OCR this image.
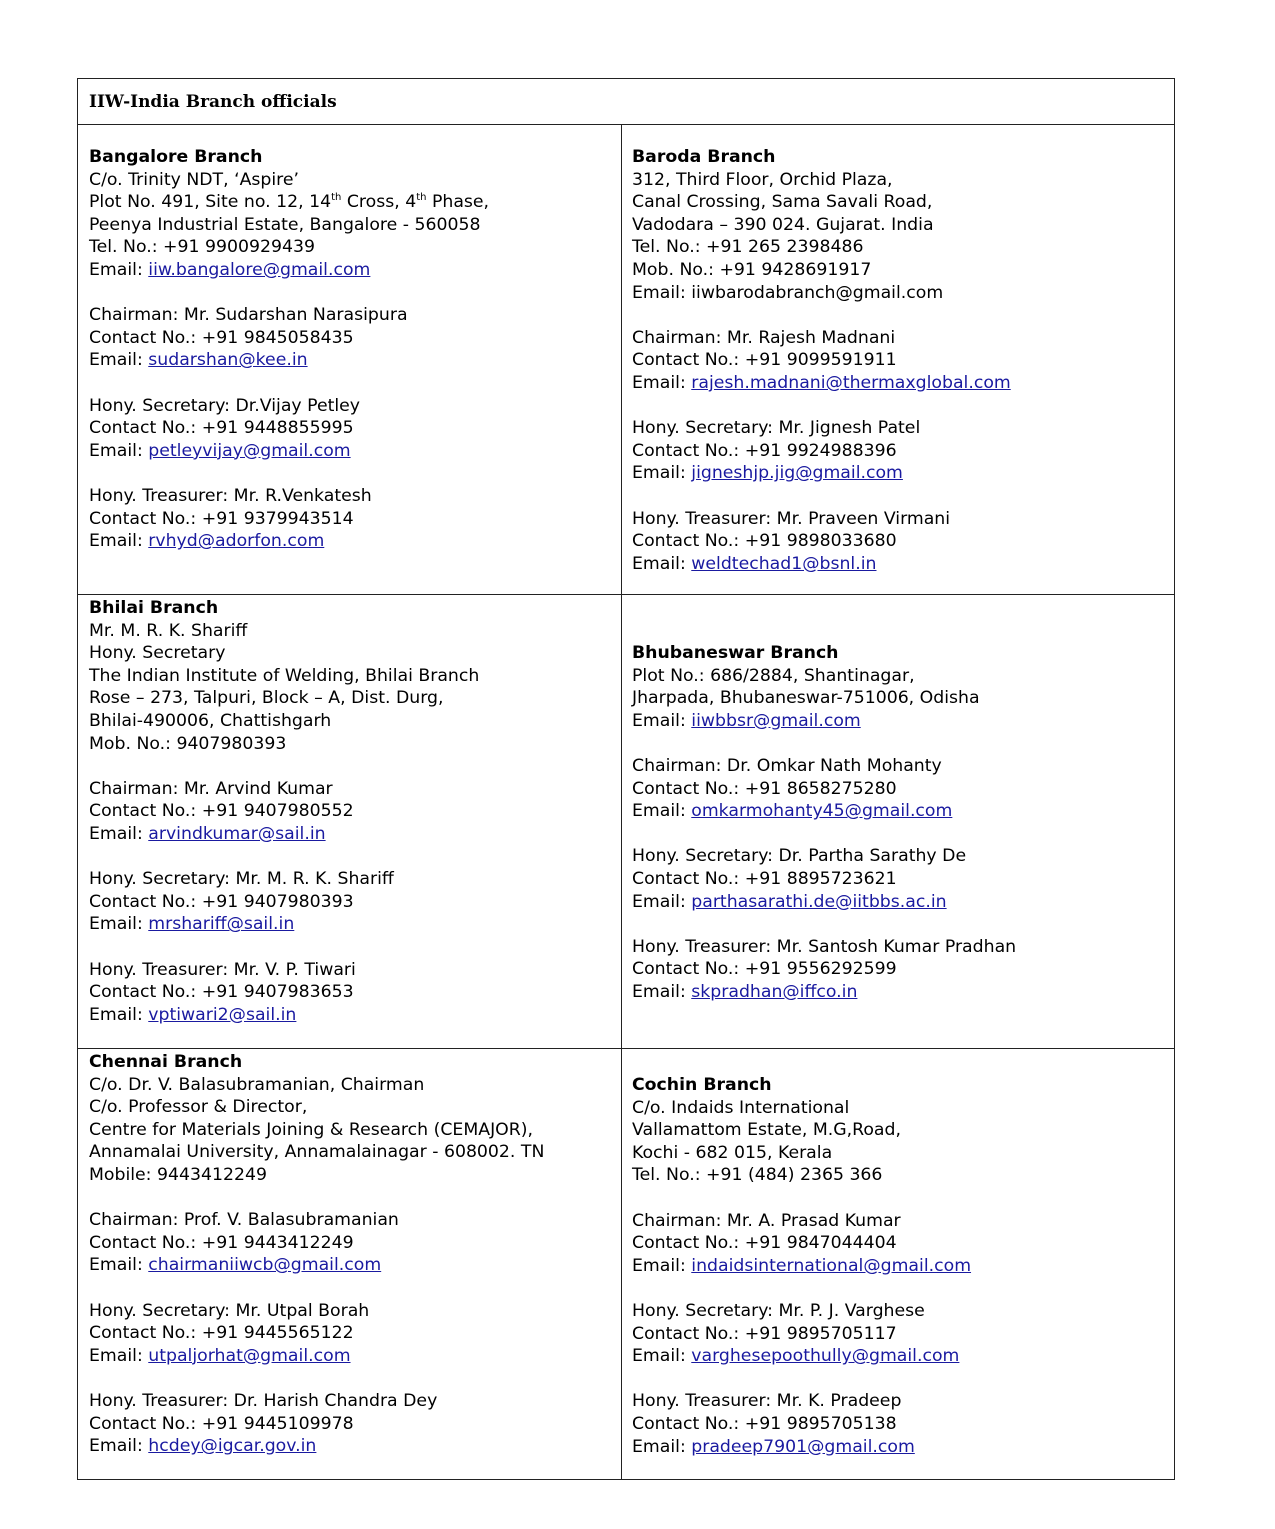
IIW-India Branch officials
Bangalore Branch
C/o. Trinity NDT, ‘Aspire’
Plot No. 491, Site no. 12, 14th Cross, 4th Phase,
Peenya Industrial Estate, Bangalore - 560058
Tel. No.: +91 9900929439
Email: iiw.bangalore@gmail.com
Chairman: Mr. Sudarshan Narasipura
Contact No.: +91 9845058435
Email: sudarshan@kee.in
Hony. Secretary: Dr.Vijay Petley
Contact No.: +91 9448855995
Email: petleyvijay@gmail.com
Hony. Treasurer: Mr. R.Venkatesh
Contact No.: +91 9379943514
Email: rvhyd@adorfon.com
Baroda Branch
312, Third Floor, Orchid Plaza,
Canal Crossing, Sama Savali Road,
Vadodara – 390 024. Gujarat. India
Tel. No.: +91 265 2398486
Mob. No.: +91 9428691917
Email: iiwbarodabranch@gmail.com
Chairman: Mr. Rajesh Madnani
Contact No.: +91 9099591911
Email: rajesh.madnani@thermaxglobal.com
Hony. Secretary: Mr. Jignesh Patel
Contact No.: +91 9924988396
Email: jigneshjp.jig@gmail.com
Hony. Treasurer: Mr. Praveen Virmani
Contact No.: +91 9898033680
Email: weldtechad1@bsnl.in
Bhilai Branch
Mr. M. R. K. Shariff
Hony. Secretary
The Indian Institute of Welding, Bhilai Branch
Rose – 273, Talpuri, Block – A, Dist. Durg,
Bhilai-490006, Chattishgarh
Mob. No.: 9407980393
Chairman: Mr. Arvind Kumar
Contact No.: +91 9407980552
Email: arvindkumar@sail.in
Hony. Secretary: Mr. M. R. K. Shariff
Contact No.: +91 9407980393
Email: mrshariff@sail.in
Hony. Treasurer: Mr. V. P. Tiwari
Contact No.: +91 9407983653
Email: vptiwari2@sail.in
Bhubaneswar Branch
Plot No.: 686/2884, Shantinagar,
Jharpada, Bhubaneswar-751006, Odisha
Email: iiwbbsr@gmail.com
Chairman: Dr. Omkar Nath Mohanty
Contact No.: +91 8658275280
Email: omkarmohanty45@gmail.com
Hony. Secretary: Dr. Partha Sarathy De
Contact No.: +91 8895723621
Email: parthasarathi.de@iitbbs.ac.in
Hony. Treasurer: Mr. Santosh Kumar Pradhan
Contact No.: +91 9556292599
Email: skpradhan@iffco.in
Chennai Branch
C/o. Dr. V. Balasubramanian, Chairman
C/o. Professor & Director,
Centre for Materials Joining & Research (CEMAJOR),
Annamalai University, Annamalainagar - 608002. TN
Mobile: 9443412249
Chairman: Prof. V. Balasubramanian
Contact No.: +91 9443412249
Email: chairmaniiwcb@gmail.com
Hony. Secretary: Mr. Utpal Borah
Contact No.: +91 9445565122
Email: utpaljorhat@gmail.com
Hony. Treasurer: Dr. Harish Chandra Dey
Contact No.: +91 9445109978
Email: hcdey@igcar.gov.in
Cochin Branch
C/o. Indaids International
Vallamattom Estate, M.G,Road,
Kochi - 682 015, Kerala
Tel. No.: +91 (484) 2365 366
Chairman: Mr. A. Prasad Kumar
Contact No.: +91 9847044404
Email: indaidsinternational@gmail.com
Hony. Secretary: Mr. P. J. Varghese
Contact No.: +91 9895705117
Email: varghesepoothully@gmail.com
Hony. Treasurer: Mr. K. Pradeep
Contact No.: +91 9895705138
Email: pradeep7901@gmail.com
